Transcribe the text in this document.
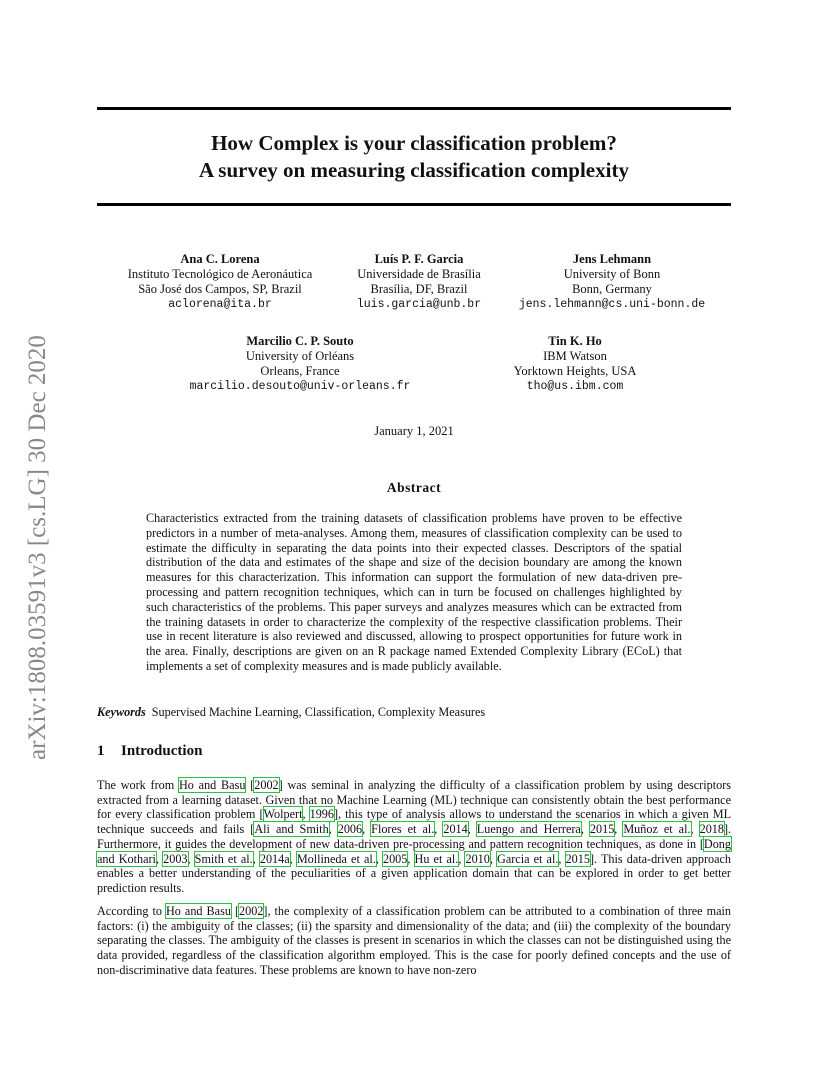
arXiv:1808.03591v3 [cs.LG] 30 Dec 2020
How Complex is your classification problem?
A survey on measuring classification complexity
Ana C. Lorena
Instituto Tecnológico de Aeronáutica
São José dos Campos, SP, Brazil
aclorena@ita.br
Luís P. F. Garcia
Universidade de Brasília
Brasília, DF, Brazil
luis.garcia@unb.br
Jens Lehmann
University of Bonn
Bonn, Germany
jens.lehmann@cs.uni-bonn.de
Marcilio C. P. Souto
University of Orléans
Orleans, France
marcilio.desouto@univ-orleans.fr
Tin K. Ho
IBM Watson
Yorktown Heights, USA
tho@us.ibm.com
January 1, 2021
Abstract
Characteristics extracted from the training datasets of classification problems have proven to be effective predictors in a number of meta-analyses. Among them, measures of classification complexity can be used to estimate the difficulty in separating the data points into their expected classes. Descriptors of the spatial distribution of the data and estimates of the shape and size of the decision boundary are among the known measures for this characterization. This information can support the formulation of new data-driven pre-processing and pattern recognition techniques, which can in turn be focused on challenges highlighted by such characteristics of the problems. This paper surveys and analyzes measures which can be extracted from the training datasets in order to characterize the complexity of the respective classification problems. Their use in recent literature is also reviewed and discussed, allowing to prospect opportunities for future work in the area. Finally, descriptions are given on an R package named Extended Complexity Library (ECoL) that implements a set of complexity measures and is made publicly available.
Keywords Supervised Machine Learning, Classification, Complexity Measures
1 Introduction
The work from Ho and Basu [2002] was seminal in analyzing the difficulty of a classification problem by using descriptors extracted from a learning dataset. Given that no Machine Learning (ML) technique can consistently obtain the best performance for every classification problem [Wolpert, 1996], this type of analysis allows to understand the scenarios in which a given ML technique succeeds and fails [Ali and Smith, 2006, Flores et al., 2014, Luengo and Herrera, 2015, Muñoz et al., 2018]. Furthermore, it guides the development of new data-driven pre-processing and pattern recognition techniques, as done in [Dong and Kothari, 2003, Smith et al., 2014a, Mollineda et al., 2005, Hu et al., 2010, Garcia et al., 2015]. This data-driven approach enables a better understanding of the peculiarities of a given application domain that can be explored in order to get better prediction results.
According to Ho and Basu [2002], the complexity of a classification problem can be attributed to a combination of three main factors: (i) the ambiguity of the classes; (ii) the sparsity and dimensionality of the data; and (iii) the complexity of the boundary separating the classes. The ambiguity of the classes is present in scenarios in which the classes can not be distinguished using the data provided, regardless of the classification algorithm employed. This is the case for poorly defined concepts and the use of non-discriminative data features. These problems are known to have non-zero
